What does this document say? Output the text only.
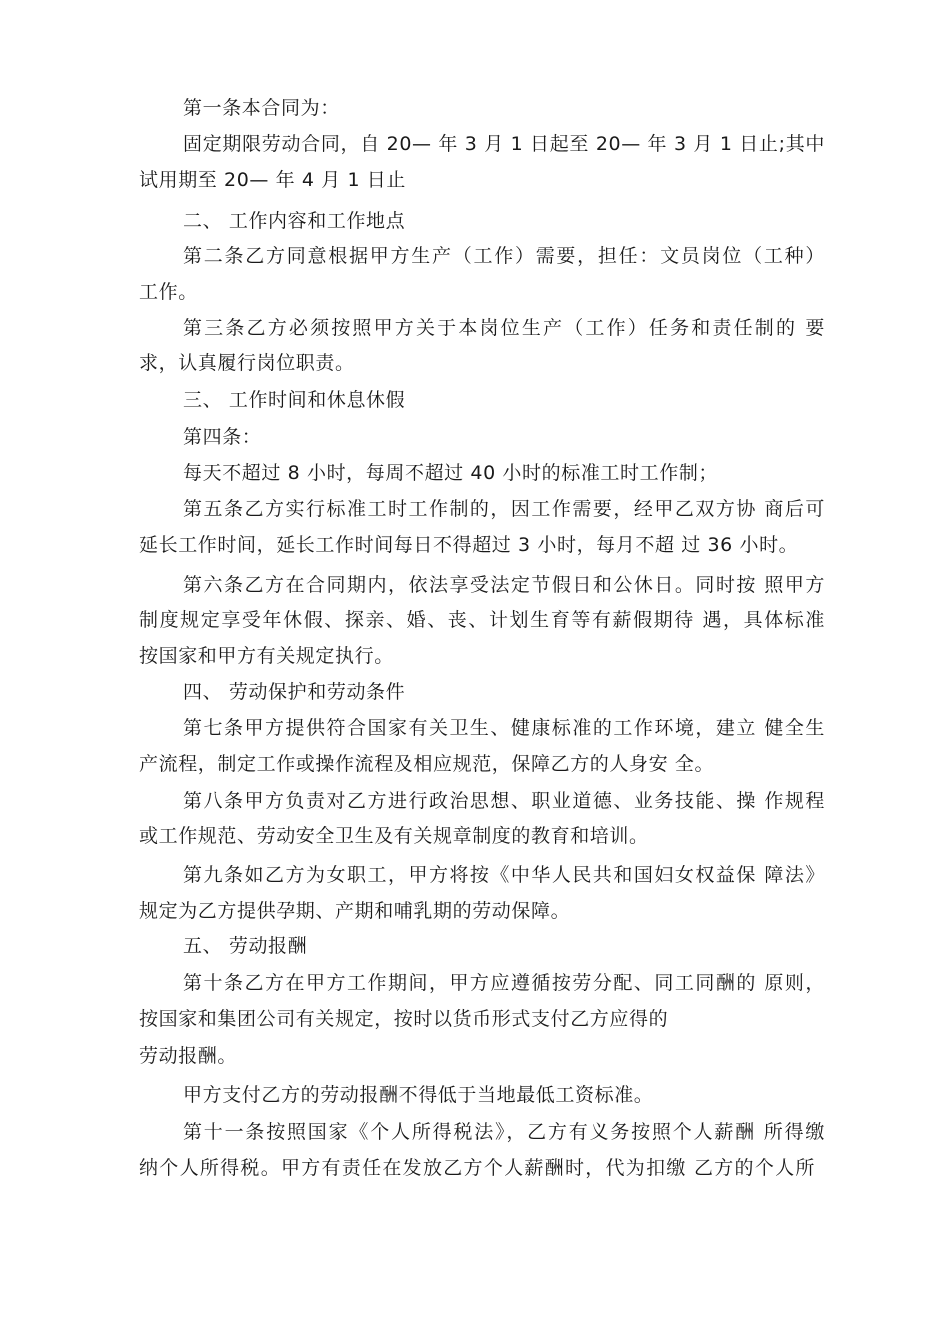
第一条本合同为：
固定期限劳动合同，自 20— 年 3 月 1 日起至 20— 年 3 月 1 日止;其中
试用期至 20— 年 4 月 1 日止
二、 工作内容和工作地点
第二条乙方同意根据甲方生产（工作）需要，担任：文员岗位（工种）
工作。
第三条乙方必须按照甲方关于本岗位生产（工作）任务和责任制的 要
求，认真履行岗位职责。
三、 工作时间和休息休假
第四条：
每天不超过 8 小时，每周不超过 40 小时的标准工时工作制；
第五条乙方实行标准工时工作制的，因工作需要，经甲乙双方协 商后可
延长工作时间，延长工作时间每日不得超过 3 小时，每月不超 过 36 小时。
第六条乙方在合同期内，依法享受法定节假日和公休日。同时按 照甲方
制度规定享受年休假、探亲、婚、丧、计划生育等有薪假期待 遇，具体标准
按国家和甲方有关规定执行。
四、 劳动保护和劳动条件
第七条甲方提供符合国家有关卫生、健康标准的工作环境，建立 健全生
产流程，制定工作或操作流程及相应规范，保障乙方的人身安 全。
第八条甲方负责对乙方进行政治思想、职业道德、业务技能、操 作规程
或工作规范、劳动安全卫生及有关规章制度的教育和培训。
第九条如乙方为女职工，甲方将按《中华人民共和国妇女权益保 障法》
规定为乙方提供孕期、产期和哺乳期的劳动保障。
五、 劳动报酬
第十条乙方在甲方工作期间，甲方应遵循按劳分配、同工同酬的 原则，
按国家和集团公司有关规定，按时以货币形式支付乙方应得的
劳动报酬。
甲方支付乙方的劳动报酬不得低于当地最低工资标准。
第十一条按照国家《个人所得税法》，乙方有义务按照个人薪酬 所得缴
纳个人所得税。甲方有责任在发放乙方个人薪酬时，代为扣缴 乙方的个人所
